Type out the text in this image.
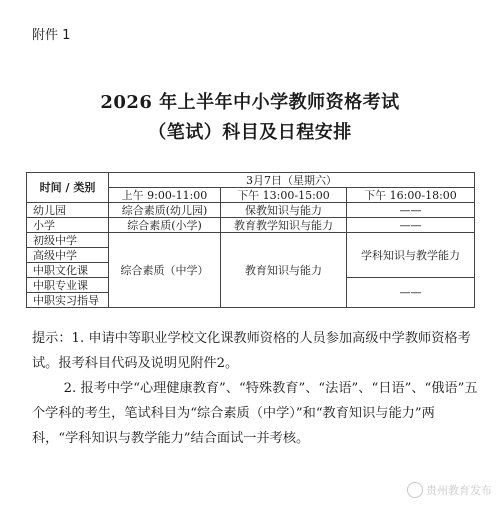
附件 1
2026 年上半年中小学教师资格考试
（笔试）科目及日程安排
时间 / 类别	3月7日（星期六）		
	上午 9:00-11:00	下午 13:00-15:00	下午 16:00-18:00
幼儿园	综合素质(幼儿园)	保教知识与能力	——
小学	综合素质(小学)	教育教学知识与能力	——
初级中学	综合素质（中学）	教育知识与能力	学科知识与教学能力
高级中学			
中职文化课			
中职专业课			——
中职实习指导			

提示：1. 申请中等职业学校文化课教师资格的人员参加高级中学教师资格考试。报考科目代码及说明见附件2。

2. 报考中学“心理健康教育”、“特殊教育”、“法语”、“日语”、“俄语”五个学科的考生，笔试科目为“综合素质（中学）”和“教育知识与能力”两科，“学科知识与教学能力”结合面试一并考核。

贵州教育发布
